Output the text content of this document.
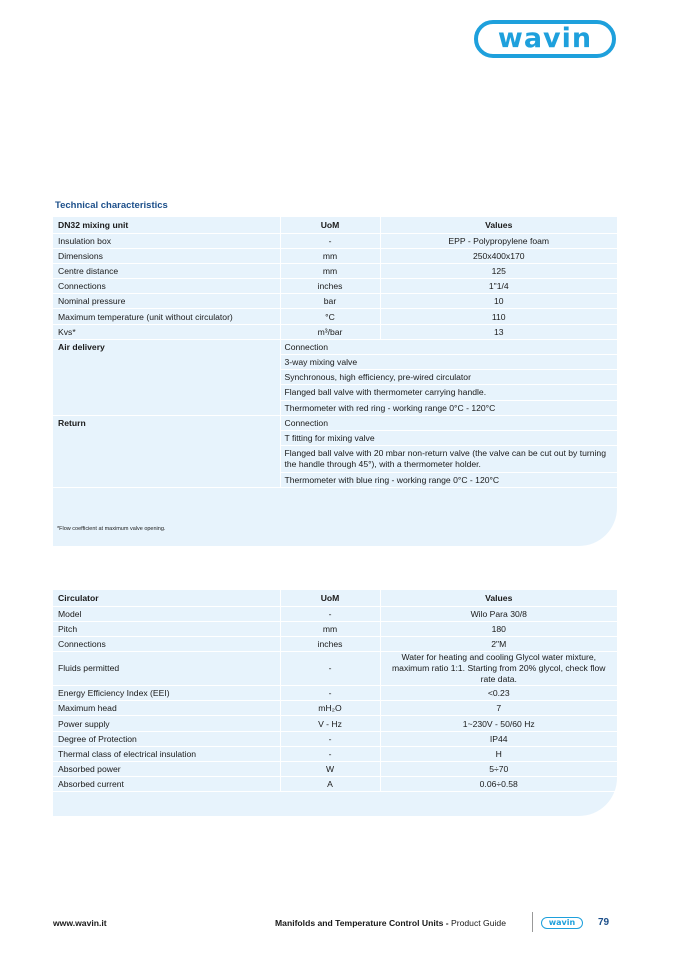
wavin
Technical characteristics
DN32 mixing unit	UoM	Values
Insulation box	-	EPP - Polypropylene foam
Dimensions	mm	250x400x170
Centre distance	mm	125
Connections	inches	1"1/4
Nominal pressure	bar	10
Maximum temperature (unit without circulator)	°C	110
Kvs*	m³/bar	13
Air delivery	Connection	
	3-way mixing valve	
	Synchronous, high efficiency, pre-wired circulator	
	Flanged ball valve with thermometer carrying handle.	
	Thermometer with red ring - working range 0°C - 120°C	
Return	Connection	
	T fitting for mixing valve	
	Flanged ball valve with 20 mbar non-return valve (the valve can be cut out by turning the handle through 45°), with a thermometer holder.	
	Thermometer with blue ring - working range 0°C - 120°C	
*Flow coefficient at maximum valve opening.
Circulator	UoM	Values
Model	-	Wilo Para 30/8
Pitch	mm	180
Connections	inches	2"M
Fluids permitted	-	Water for heating and cooling Glycol water mixture, maximum ratio 1:1. Starting from 20% glycol, check flow rate data.
Energy Efficiency Index (EEI)	-	<0.23
Maximum head	mH₂O	7
Power supply	V - Hz	1~230V - 50/60 Hz
Degree of Protection	-	IP44
Thermal class of electrical insulation	-	H
Absorbed power	W	5÷70
Absorbed current	A	0.06÷0.58
www.wavin.it	Manifolds and Temperature Control Units - Product Guide	wavin	79
